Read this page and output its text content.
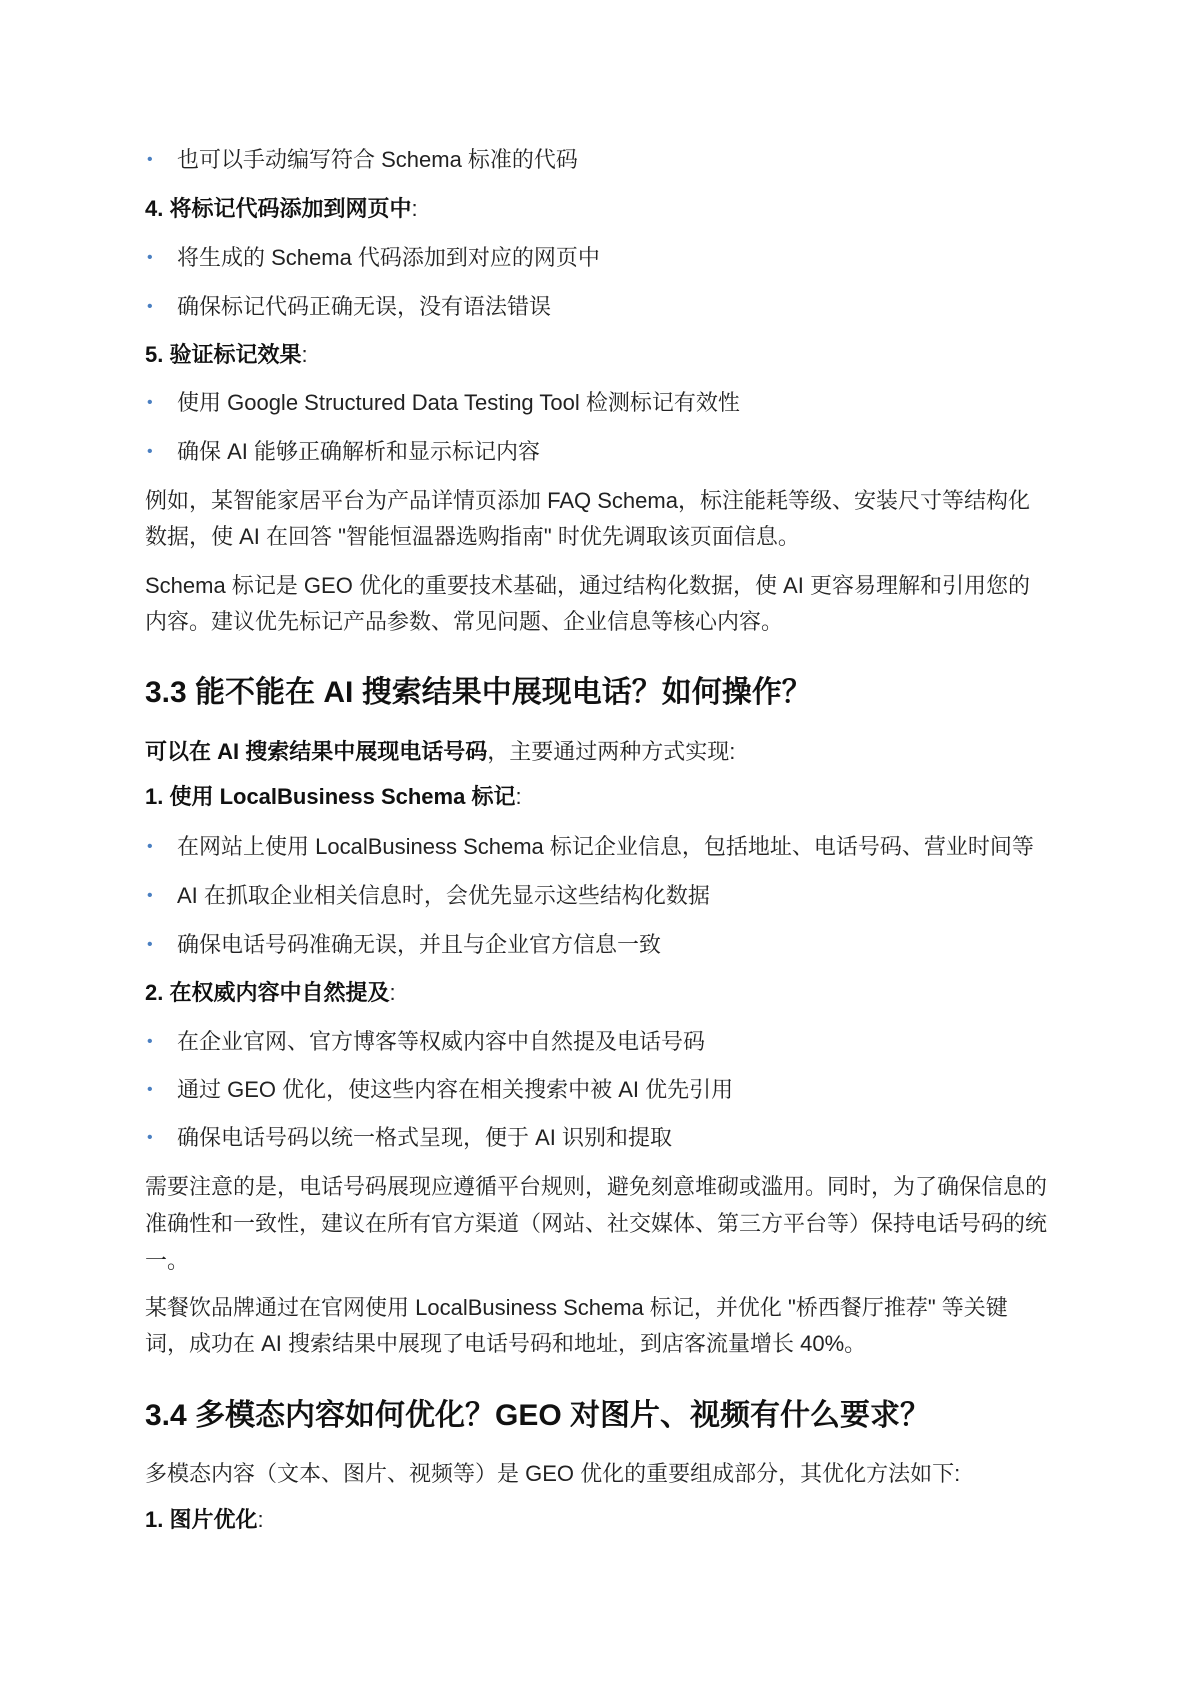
• 也可以手动编写符合 Schema 标准的代码
4. 将标记代码添加到网页中:
• 将生成的 Schema 代码添加到对应的网页中
• 确保标记代码正确无误，没有语法错误
5. 验证标记效果:
• 使用 Google Structured Data Testing Tool 检测标记有效性
• 确保 AI 能够正确解析和显示标记内容
例如，某智能家居平台为产品详情页添加 FAQ Schema，标注能耗等级、安装尺寸等结构化
数据，使 AI 在回答 "智能恒温器选购指南" 时优先调取该页面信息。
Schema 标记是 GEO 优化的重要技术基础，通过结构化数据，使 AI 更容易理解和引用您的
内容。建议优先标记产品参数、常见问题、企业信息等核心内容。
3.3 能不能在 AI 搜索结果中展现电话？如何操作？
可以在 AI 搜索结果中展现电话号码，主要通过两种方式实现:
1. 使用 LocalBusiness Schema 标记:
• 在网站上使用 LocalBusiness Schema 标记企业信息，包括地址、电话号码、营业时间等
• AI 在抓取企业相关信息时，会优先显示这些结构化数据
• 确保电话号码准确无误，并且与企业官方信息一致
2. 在权威内容中自然提及:
• 在企业官网、官方博客等权威内容中自然提及电话号码
• 通过 GEO 优化，使这些内容在相关搜索中被 AI 优先引用
• 确保电话号码以统一格式呈现，便于 AI 识别和提取
需要注意的是，电话号码展现应遵循平台规则，避免刻意堆砌或滥用。同时，为了确保信息的
准确性和一致性，建议在所有官方渠道（网站、社交媒体、第三方平台等）保持电话号码的统
一。
某餐饮品牌通过在官网使用 LocalBusiness Schema 标记，并优化 "桥西餐厅推荐" 等关键
词，成功在 AI 搜索结果中展现了电话号码和地址，到店客流量增长 40%。
3.4 多模态内容如何优化？GEO 对图片、视频有什么要求？
多模态内容（文本、图片、视频等）是 GEO 优化的重要组成部分，其优化方法如下:
1. 图片优化:
